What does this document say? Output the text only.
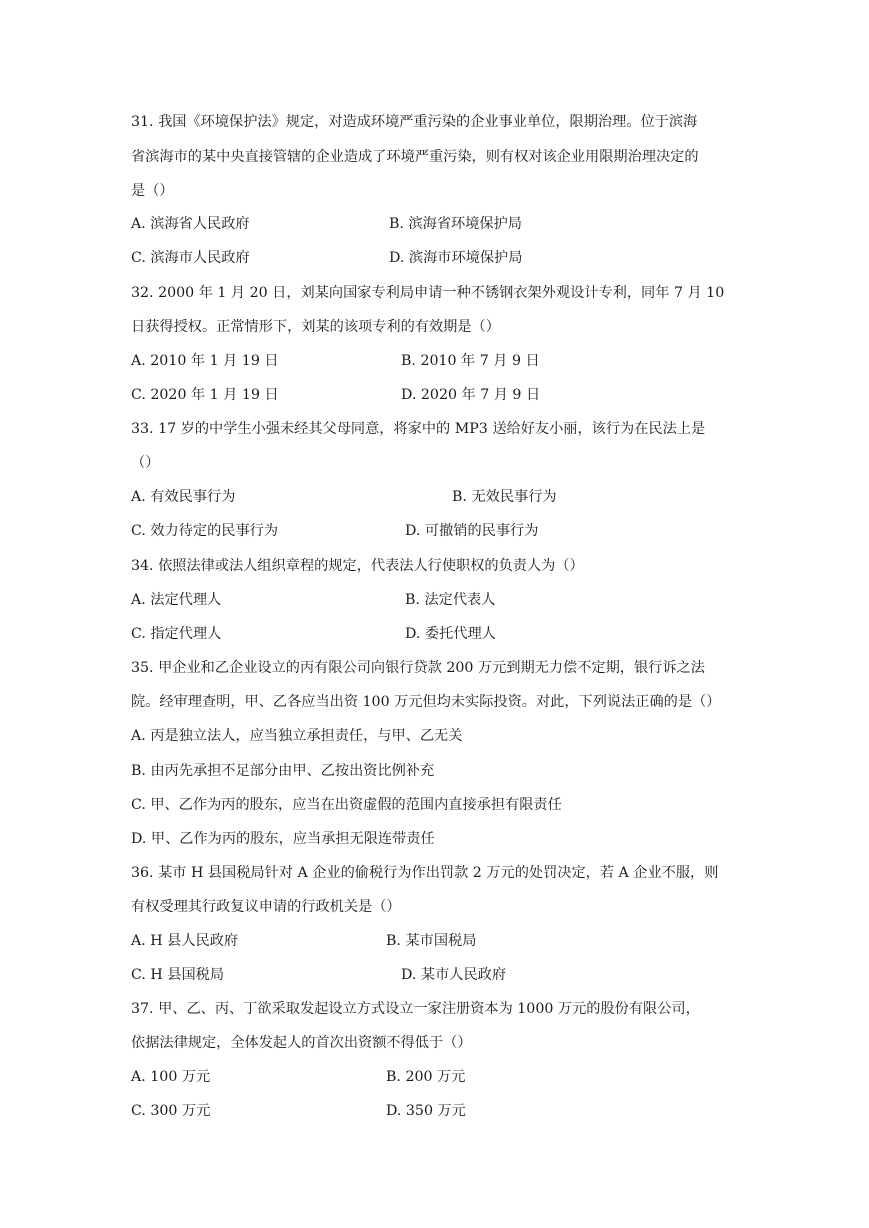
31. 我国《环境保护法》规定，对造成环境严重污染的企业事业单位，限期治理。位于滨海
省滨海市的某中央直接管辖的企业造成了环境严重污染，则有权对该企业用限期治理决定的
是（）
A. 滨海省人民政府	B. 滨海省环境保护局
C. 滨海市人民政府	D. 滨海市环境保护局
32. 2000 年 1 月 20 日，刘某向国家专利局申请一种不锈钢衣架外观设计专利，同年 7 月 10
日获得授权。正常情形下，刘某的该项专利的有效期是（）
A. 2010 年 1 月 19 日	B. 2010 年 7 月 9 日
C. 2020 年 1 月 19 日	D. 2020 年 7 月 9 日
33. 17 岁的中学生小强未经其父母同意，将家中的 MP3 送给好友小丽，该行为在民法上是
（）
A. 有效民事行为	B. 无效民事行为
C. 效力待定的民事行为	D. 可撤销的民事行为
34. 依照法律或法人组织章程的规定，代表法人行使职权的负责人为（）
A. 法定代理人	B. 法定代表人
C. 指定代理人	D. 委托代理人
35. 甲企业和乙企业设立的丙有限公司向银行贷款 200 万元到期无力偿不定期，银行诉之法
院。经审理查明，甲、乙各应当出资 100 万元但均未实际投资。对此，下列说法正确的是（）
A. 丙是独立法人，应当独立承担责任，与甲、乙无关
B. 由丙先承担不足部分由甲、乙按出资比例补充
C. 甲、乙作为丙的股东，应当在出资虚假的范围内直接承担有限责任
D. 甲、乙作为丙的股东，应当承担无限连带责任
36. 某市 H 县国税局针对 A 企业的偷税行为作出罚款 2 万元的处罚决定，若 A 企业不服，则
有权受理其行政复议申请的行政机关是（）
A. H 县人民政府	B. 某市国税局
C. H 县国税局	D. 某市人民政府
37. 甲、乙、丙、丁欲采取发起设立方式设立一家注册资本为 1000 万元的股份有限公司，
依据法律规定，全体发起人的首次出资额不得低于（）
A. 100 万元	B. 200 万元
C. 300 万元	D. 350 万元
